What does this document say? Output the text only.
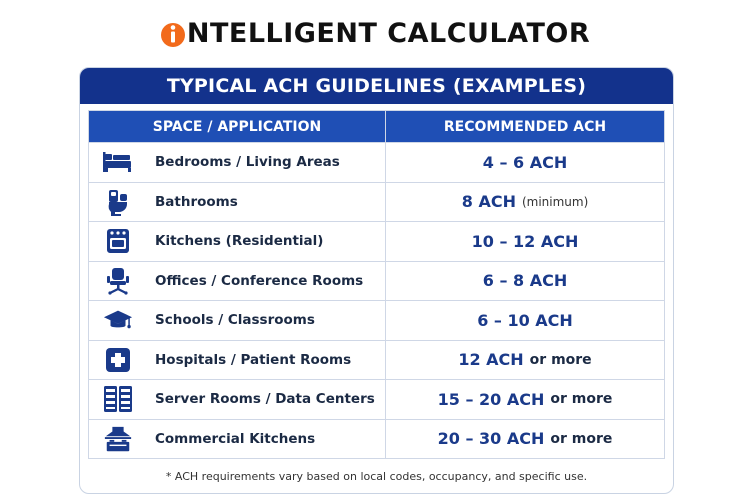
NTELLIGENT CALCULATOR
TYPICAL ACH GUIDELINES (EXAMPLES)
SPACE / APPLICATION	RECOMMENDED ACH
Bedrooms / Living Areas	4 – 6 ACH
Bathrooms	8 ACH (minimum)
Kitchens (Residential)	10 – 12 ACH
Offices / Conference Rooms	6 – 8 ACH
Schools / Classrooms	6 – 10 ACH
Hospitals / Patient Rooms	12 ACH or more
Server Rooms / Data Centers	15 – 20 ACH or more
Commercial Kitchens	20 – 30 ACH or more
* ACH requirements vary based on local codes, occupancy, and specific use.
